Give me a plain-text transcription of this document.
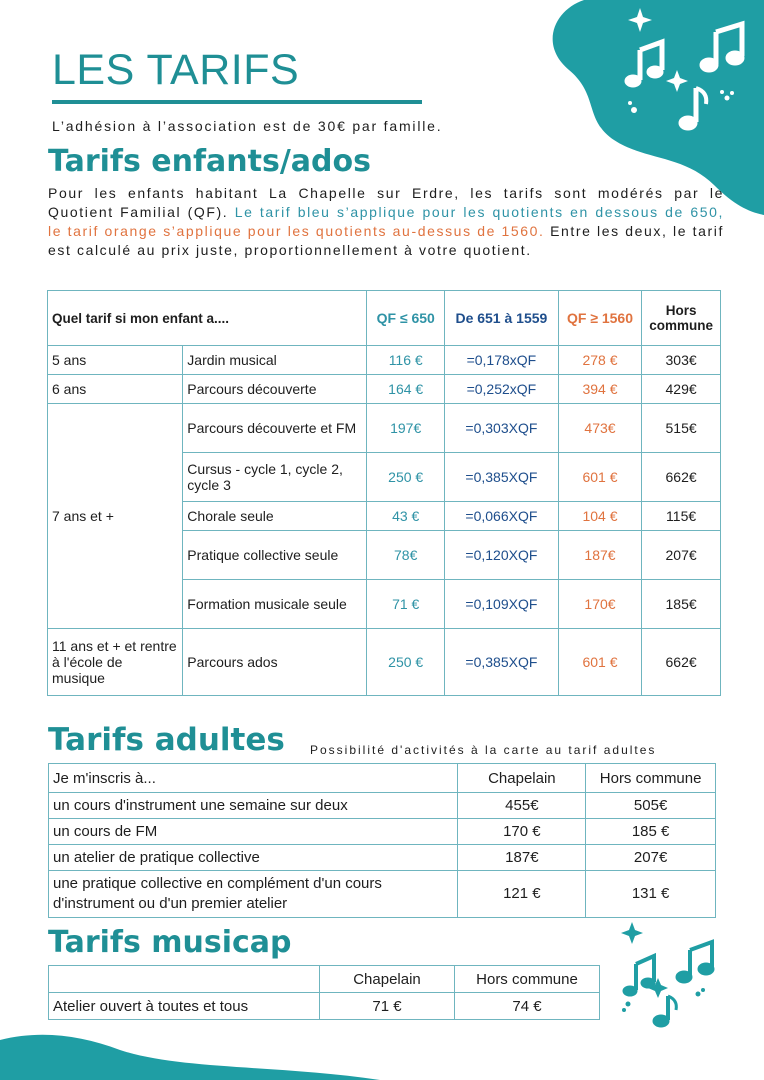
LES TARIFS
L’adhésion à l’association est de 30€ par famille.
Tarifs enfants/ados
Pour les enfants habitant La Chapelle sur Erdre, les tarifs sont modérés par le Quotient Familial (QF). Le tarif bleu s’applique pour les quotients en dessous de 650, le tarif orange s’applique pour les quotients au-dessus de 1560. Entre les deux, le tarif est calculé au prix juste, proportionnellement à votre quotient.
Quel tarif si mon enfant a....		QF ≤ 650	De 651 à 1559	QF ≥ 1560	Hors commune
5 ans	Jardin musical	116 €	=0,178xQF	278 €	303€
6 ans	Parcours découverte	164 €	=0,252xQF	394 €	429€
7 ans et +	Parcours découverte et FM	197€	=0,303XQF	473€	515€
	Cursus - cycle 1, cycle 2, cycle 3	250 €	=0,385XQF	601 €	662€
	Chorale seule	43 €	=0,066XQF	104 €	115€
	Pratique collective seule	78€	=0,120XQF	187€	207€
	Formation musicale seule	71 €	=0,109XQF	170€	185€
11 ans et + et rentre à l'école de musique	Parcours ados	250 €	=0,385XQF	601 €	662€
Tarifs adultes Possibilité d'activités à la carte au tarif adultes
Je m'inscris à...	Chapelain	Hors commune
un cours d'instrument une semaine sur deux	455€	505€
un cours de FM	170 €	185 €
un atelier de pratique collective	187€	207€
une pratique collective en complément d'un cours d'instrument ou d'un premier atelier	121 €	131 €
Tarifs musicap
	Chapelain	Hors commune
Atelier ouvert à toutes et tous	71 €	74 €
